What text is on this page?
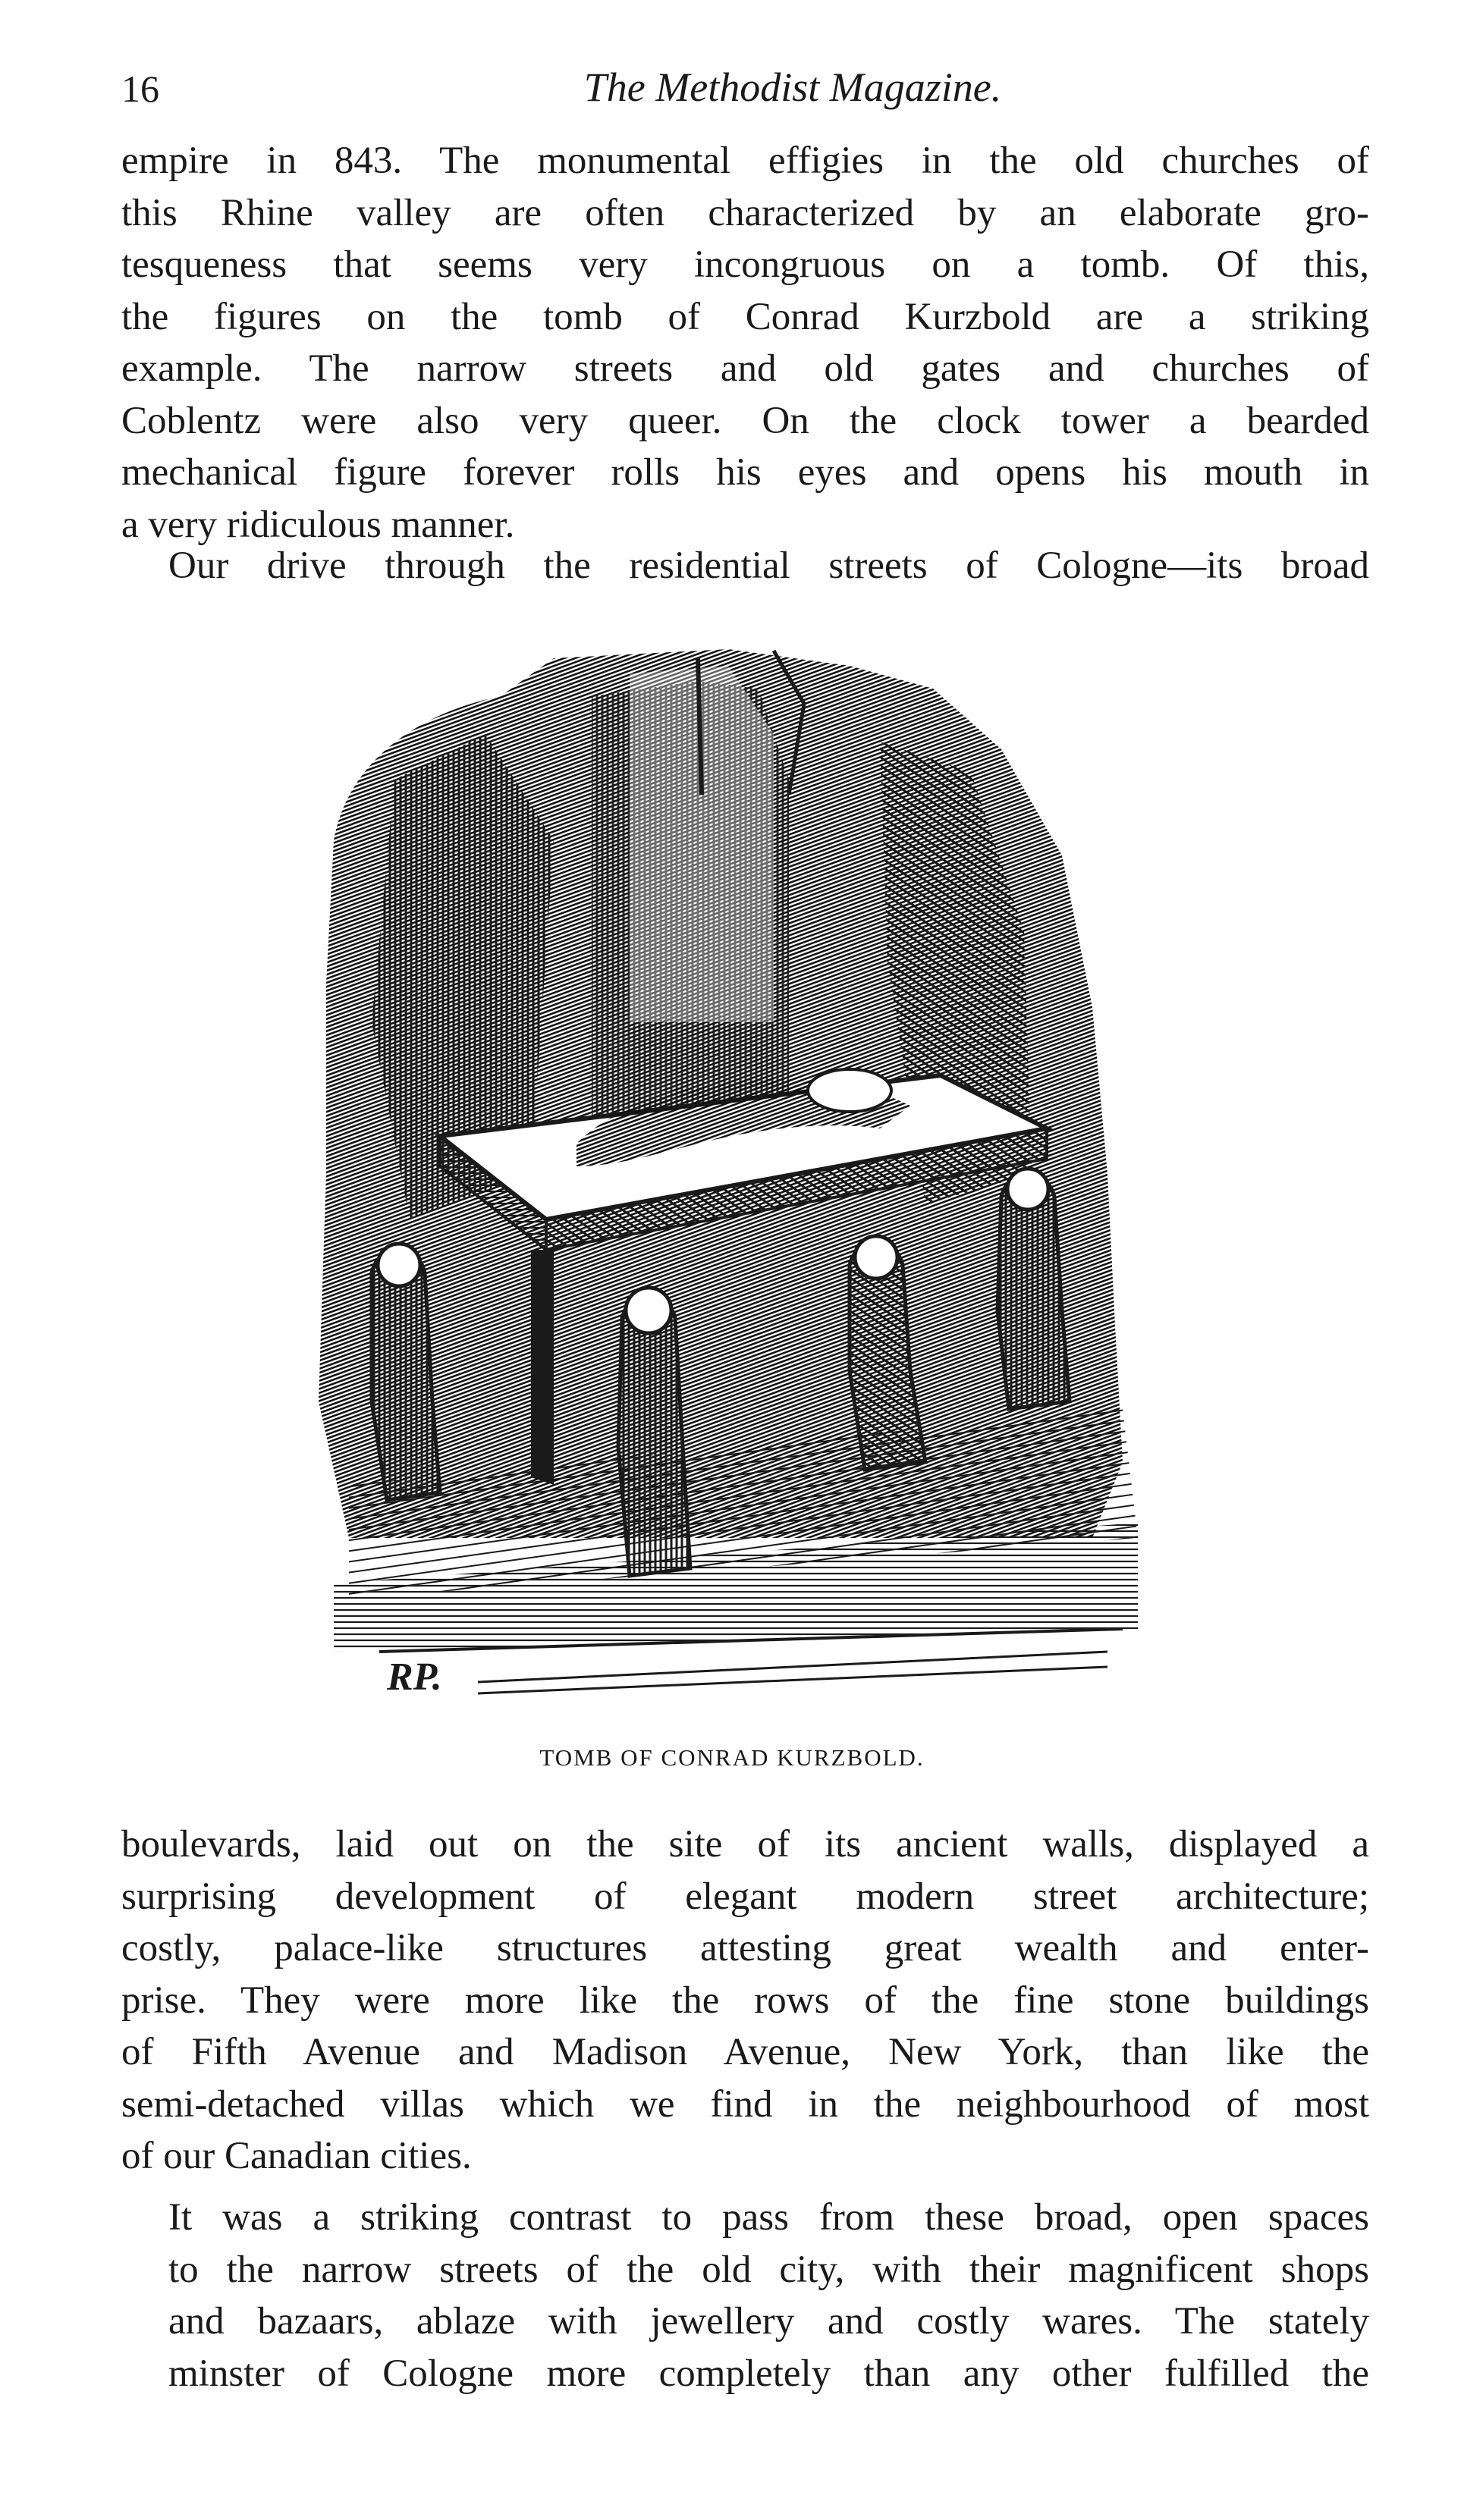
16	The Methodist Magazine.

empire in 843. The monumental effigies in the old churches of
this Rhine valley are often characterized by an elaborate gro-
tesqueness that seems very incongruous on a tomb. Of this,
the figures on the tomb of Conrad Kurzbold are a striking
example. The narrow streets and old gates and churches of
Coblentz were also very queer. On the clock tower a bearded
mechanical figure forever rolls his eyes and opens his mouth in
a very ridiculous manner.

Our drive through the residential streets of Cologne—its broad

RP.
TOMB OF CONRAD KURZBOLD.

boulevards, laid out on the site of its ancient walls, displayed a
surprising development of elegant modern street architecture;
costly, palace-like structures attesting great wealth and enter-
prise. They were more like the rows of the fine stone buildings
of Fifth Avenue and Madison Avenue, New York, than like the
semi-detached villas which we find in the neighbourhood of most
of our Canadian cities.

It was a striking contrast to pass from these broad, open spaces
to the narrow streets of the old city, with their magnificent shops
and bazaars, ablaze with jewellery and costly wares. The stately
minster of Cologne more completely than any other fulfilled the
